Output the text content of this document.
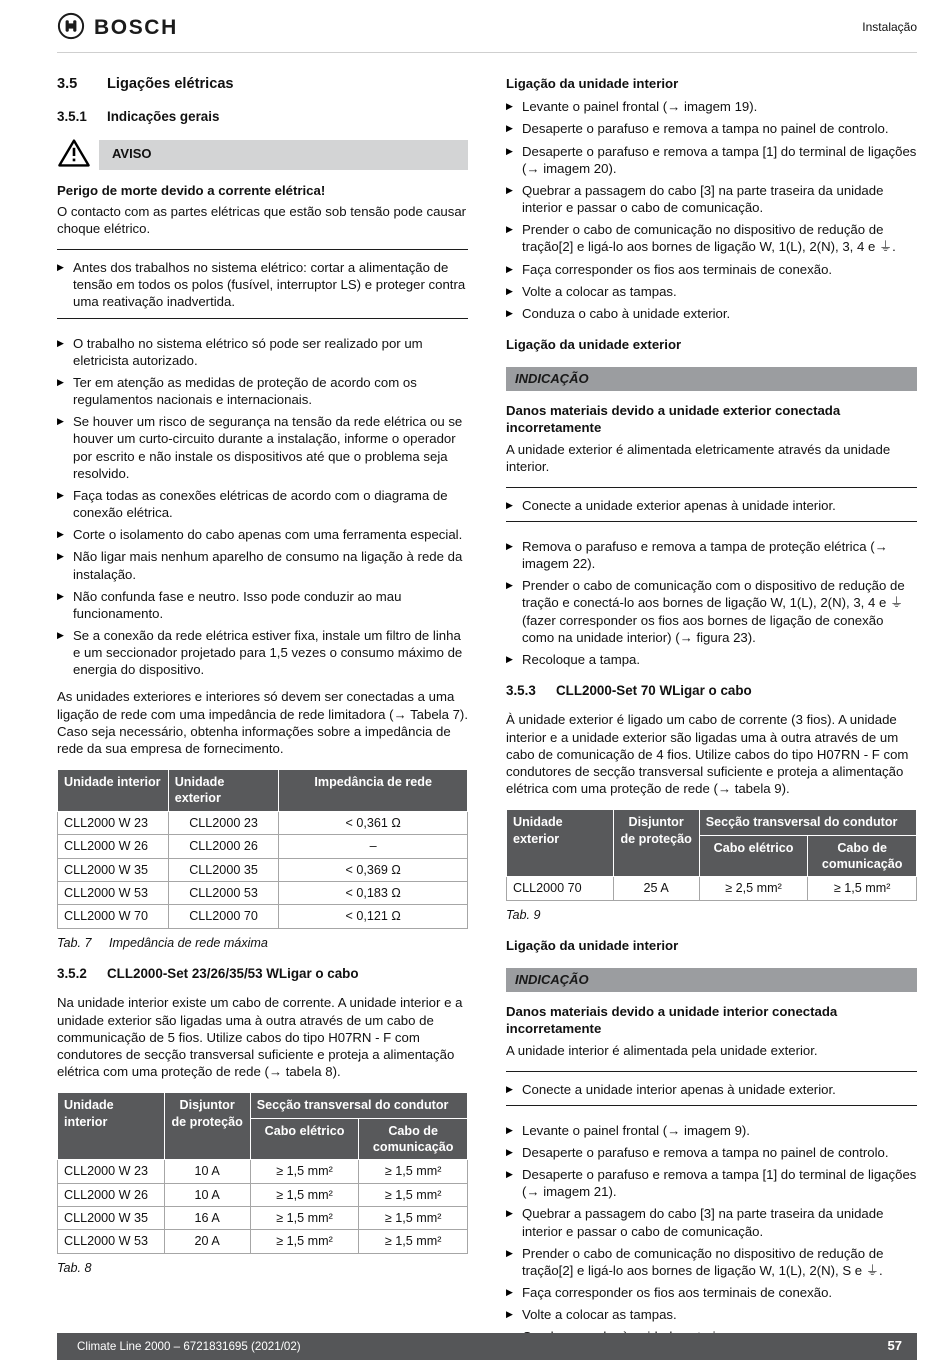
BOSCH	Instalação
3.5	Ligações elétricas
3.5.1	Indicações gerais
AVISO
Perigo de morte devido a corrente elétrica!
O contacto com as partes elétricas que estão sob tensão pode causar choque elétrico.
▶ Antes dos trabalhos no sistema elétrico: cortar a alimentação de tensão em todos os polos (fusível, interruptor LS) e proteger contra uma reativação inadvertida.
▶ O trabalho no sistema elétrico só pode ser realizado por um eletricista autorizado.
▶ Ter em atenção as medidas de proteção de acordo com os regulamentos nacionais e internacionais.
▶ Se houver um risco de segurança na tensão da rede elétrica ou se houver um curto-circuito durante a instalação, informe o operador por escrito e não instale os dispositivos até que o problema seja resolvido.
▶ Faça todas as conexões elétricas de acordo com o diagrama de conexão elétrica.
▶ Corte o isolamento do cabo apenas com uma ferramenta especial.
▶ Não ligar mais nenhum aparelho de consumo na ligação à rede da instalação.
▶ Não confunda fase e neutro. Isso pode conduzir ao mau funcionamento.
▶ Se a conexão da rede elétrica estiver fixa, instale um filtro de linha e um seccionador projetado para 1,5 vezes o consumo máximo de energia do dispositivo.
As unidades exteriores e interiores só devem ser conectadas a uma ligação de rede com uma impedância de rede limitadora (→ Tabela 7). Caso seja necessário, obtenha informações sobre a impedância de rede da sua empresa de fornecimento.
Unidade interior	Unidade exterior	Impedância de rede
CLL2000 W 23	CLL2000 23	< 0,361 Ω
CLL2000 W 26	CLL2000 26	–
CLL2000 W 35	CLL2000 35	< 0,369 Ω
CLL2000 W 53	CLL2000 53	< 0,183 Ω
CLL2000 W 70	CLL2000 70	< 0,121 Ω
Tab. 7	Impedância de rede máxima
3.5.2	CLL2000-Set 23/26/35/53 WLigar o cabo
Na unidade interior existe um cabo de corrente. A unidade interior e a unidade exterior são ligadas uma à outra através de um cabo de communicação de 5 fios. Utilize cabos do tipo H07RN - F com condutores de secção transversal suficiente e proteja a alimentação elétrica com uma proteção de rede (→ tabela 8).
Unidade interior	Disjuntor de proteção	Secção transversal do condutor	
		Cabo elétrico	Cabo de comunicação
CLL2000 W 23	10 A	≥ 1,5 mm²	≥ 1,5 mm²
CLL2000 W 26	10 A	≥ 1,5 mm²	≥ 1,5 mm²
CLL2000 W 35	16 A	≥ 1,5 mm²	≥ 1,5 mm²
CLL2000 W 53	20 A	≥ 1,5 mm²	≥ 1,5 mm²
Tab. 8
Ligação da unidade interior
▶ Levante o painel frontal (→ imagem 19).
▶ Desaperte o parafuso e remova a tampa no painel de controlo.
▶ Desaperte o parafuso e remova a tampa [1] do terminal de ligações (→ imagem 20).
▶ Quebrar a passagem do cabo [3] na parte traseira da unidade interior e passar o cabo de comunicação.
▶ Prender o cabo de comunicação no dispositivo de redução de tração[2] e ligá-lo aos bornes de ligação W, 1(L), 2(N), 3, 4 e ⏚.
▶ Faça corresponder os fios aos terminais de conexão.
▶ Volte a colocar as tampas.
▶ Conduza o cabo à unidade exterior.
Ligação da unidade exterior
INDICAÇÃO
Danos materiais devido a unidade exterior conectada incorretamente
A unidade exterior é alimentada eletricamente através da unidade interior.
▶ Conecte a unidade exterior apenas à unidade interior.
▶ Remova o parafuso e remova a tampa de proteção elétrica (→ imagem 22).
▶ Prender o cabo de comunicação com o dispositivo de redução de tração e conectá-lo aos bornes de ligação W, 1(L), 2(N), 3, 4 e ⏚ (fazer corresponder os fios aos bornes de ligação de conexão como na unidade interior) (→ figura 23).
▶ Recoloque a tampa.
3.5.3	CLL2000-Set 70 WLigar o cabo
À unidade exterior é ligado um cabo de corrente (3 fios). A unidade interior e a unidade exterior são ligadas uma à outra através de um cabo de comunicação de 4 fios. Utilize cabos do tipo H07RN - F com condutores de secção transversal suficiente e proteja a alimentação elétrica com uma proteção de rede (→ tabela 9).
Unidade exterior	Disjuntor de proteção	Secção transversal do condutor	
		Cabo elétrico	Cabo de comunicação
CLL2000 70	25 A	≥ 2,5 mm²	≥ 1,5 mm²
Tab. 9
Ligação da unidade interior
INDICAÇÃO
Danos materiais devido a unidade interior conectada incorretamente
A unidade interior é alimentada pela unidade exterior.
▶ Conecte a unidade interior apenas à unidade exterior.
▶ Levante o painel frontal (→ imagem 9).
▶ Desaperte o parafuso e remova a tampa no painel de controlo.
▶ Desaperte o parafuso e remova a tampa [1] do terminal de ligações (→ imagem 21).
▶ Quebrar a passagem do cabo [3] na parte traseira da unidade interior e passar o cabo de comunicação.
▶ Prender o cabo de comunicação no dispositivo de redução de tração[2] e ligá-lo aos bornes de ligação W, 1(L), 2(N), S e ⏚.
▶ Faça corresponder os fios aos terminais de conexão.
▶ Volte a colocar as tampas.
Climate Line 2000 – 6721831695 (2021/02)	57
